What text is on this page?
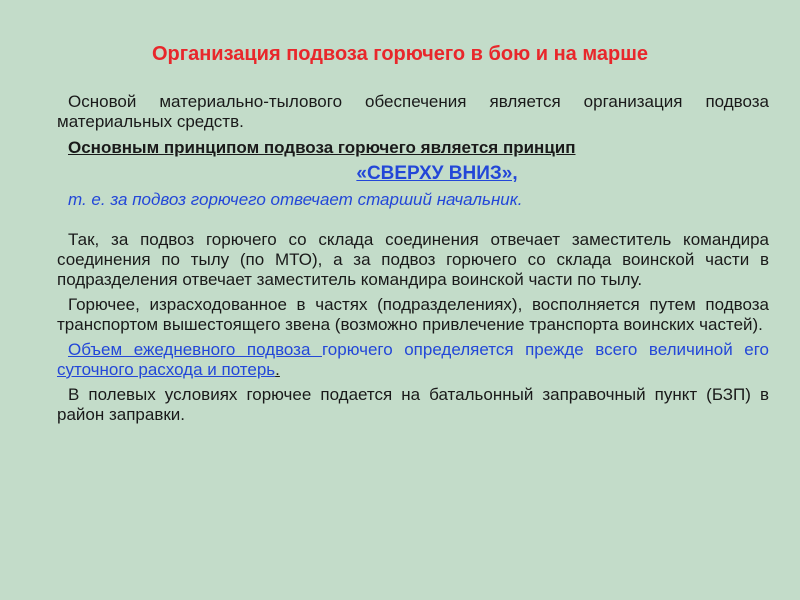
Организация подвоза горючего в бою и на марше

Основой материально-тылового обеспечения является организация подвоза материальных средств.

Основным принципом подвоза горючего является принцип

«СВЕРХУ ВНИЗ»,

т. е. за подвоз горючего отвечает старший начальник.

Так, за подвоз горючего со склада соединения отвечает заместитель командира соединения по тылу (по МТО), а за подвоз горючего со склада воинской части в подразделения отвечает заместитель командира воинской части по тылу.

Горючее, израсходованное в частях (подразделениях), восполняется путем подвоза транспортом вышестоящего звена (возможно привлечение транспорта воинских частей).

Объем ежедневного подвоза горючего определяется прежде всего величиной его суточного расхода и потерь.

В полевых условиях горючее подается на батальонный заправочный пункт (БЗП) в район заправки.
